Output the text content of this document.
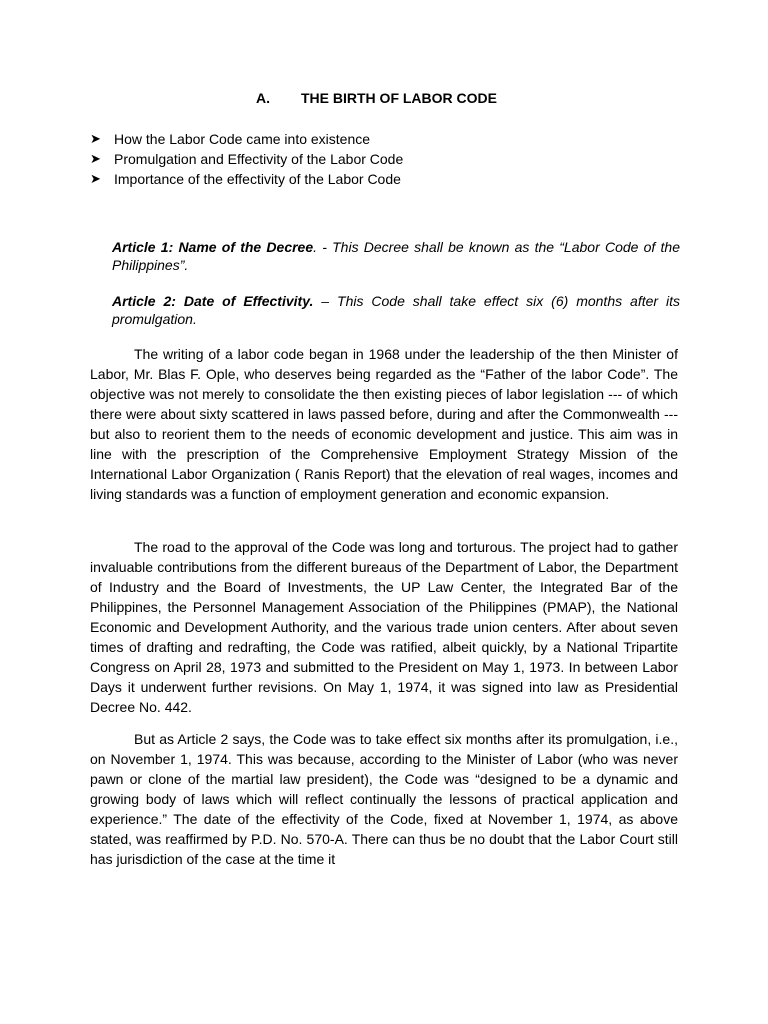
A. THE BIRTH OF LABOR CODE
➤ How the Labor Code came into existence
➤ Promulgation and Effectivity of the Labor Code
➤ Importance of the effectivity of the Labor Code
Article 1: Name of the Decree. - This Decree shall be known as the “Labor Code of the Philippines”.
Article 2: Date of Effectivity. – This Code shall take effect six (6) months after its promulgation.

The writing of a labor code began in 1968 under the leadership of the then Minister of Labor, Mr. Blas F. Ople, who deserves being regarded as the “Father of the labor Code”. The objective was not merely to consolidate the then existing pieces of labor legislation --- of which there were about sixty scattered in laws passed before, during and after the Commonwealth --- but also to reorient them to the needs of economic development and justice. This aim was in line with the prescription of the Comprehensive Employment Strategy Mission of the International Labor Organization ( Ranis Report) that the elevation of real wages, incomes and living standards was a function of employment generation and economic expansion.

The road to the approval of the Code was long and torturous. The project had to gather invaluable contributions from the different bureaus of the Department of Labor, the Department of Industry and the Board of Investments, the UP Law Center, the Integrated Bar of the Philippines, the Personnel Management Association of the Philippines (PMAP), the National Economic and Development Authority, and the various trade union centers. After about seven times of drafting and redrafting, the Code was ratified, albeit quickly, by a National Tripartite Congress on April 28, 1973 and submitted to the President on May 1, 1973. In between Labor Days it underwent further revisions. On May 1, 1974, it was signed into law as Presidential Decree No. 442.

But as Article 2 says, the Code was to take effect six months after its promulgation, i.e., on November 1, 1974. This was because, according to the Minister of Labor (who was never pawn or clone of the martial law president), the Code was “designed to be a dynamic and growing body of laws which will reflect continually the lessons of practical application and experience.” The date of the effectivity of the Code, fixed at November 1, 1974, as above stated, was reaffirmed by P.D. No. 570-A. There can thus be no doubt that the Labor Court still has jurisdiction of the case at the time it
